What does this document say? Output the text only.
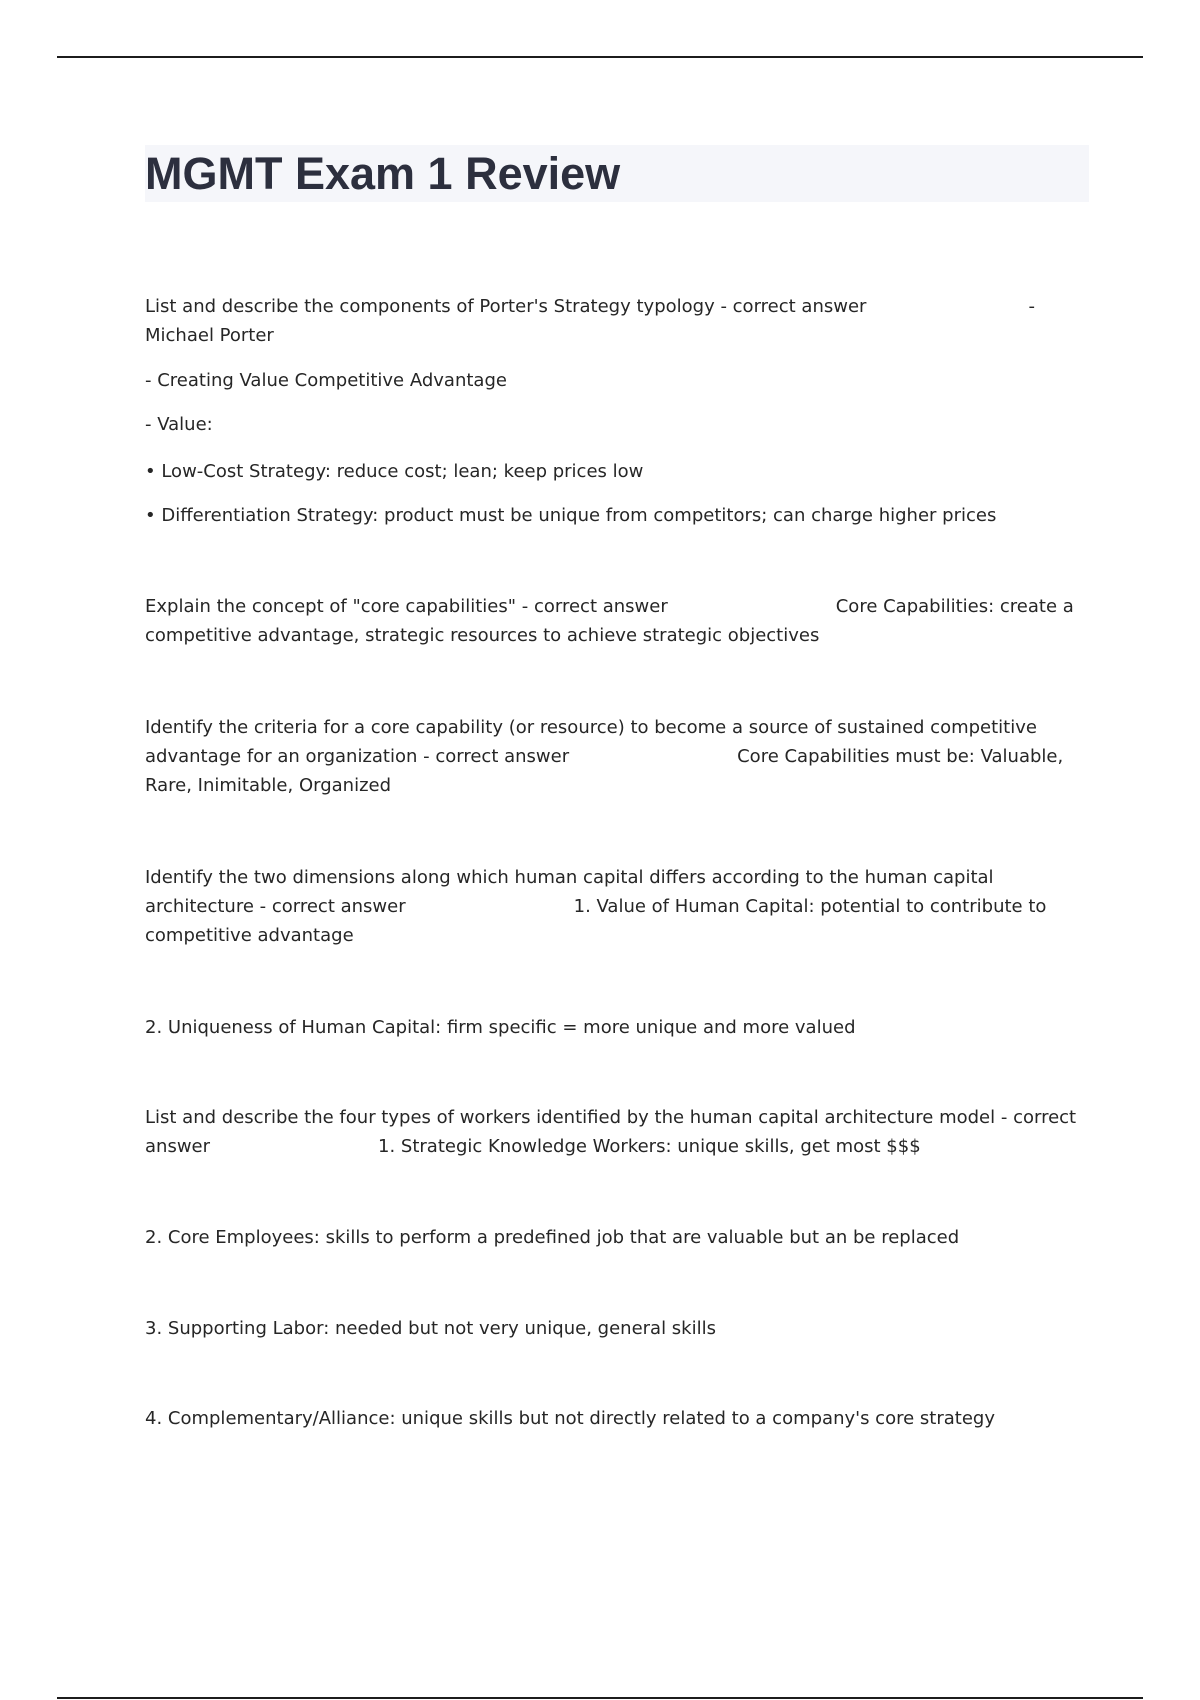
MGMT Exam 1 Review

List and describe the components of Porter's Strategy typology - correct answer	-

Michael Porter

- Creating Value Competitive Advantage

- Value:

• Low-Cost Strategy: reduce cost; lean; keep prices low

• Differentiation Strategy: product must be unique from competitors; can charge higher prices

Explain the concept of "core capabilities" - correct answer	Core Capabilities: create a

competitive advantage, strategic resources to achieve strategic objectives

Identify the criteria for a core capability (or resource) to become a source of sustained competitive

advantage for an organization - correct answer	Core Capabilities must be: Valuable,

Rare, Inimitable, Organized

Identify the two dimensions along which human capital differs according to the human capital

architecture - correct answer	1. Value of Human Capital: potential to contribute to

competitive advantage

2. Uniqueness of Human Capital: firm specific = more unique and more valued

List and describe the four types of workers identified by the human capital architecture model - correct

answer	1. Strategic Knowledge Workers: unique skills, get most $$$

2. Core Employees: skills to perform a predefined job that are valuable but an be replaced

3. Supporting Labor: needed but not very unique, general skills

4. Complementary/Alliance: unique skills but not directly related to a company's core strategy
